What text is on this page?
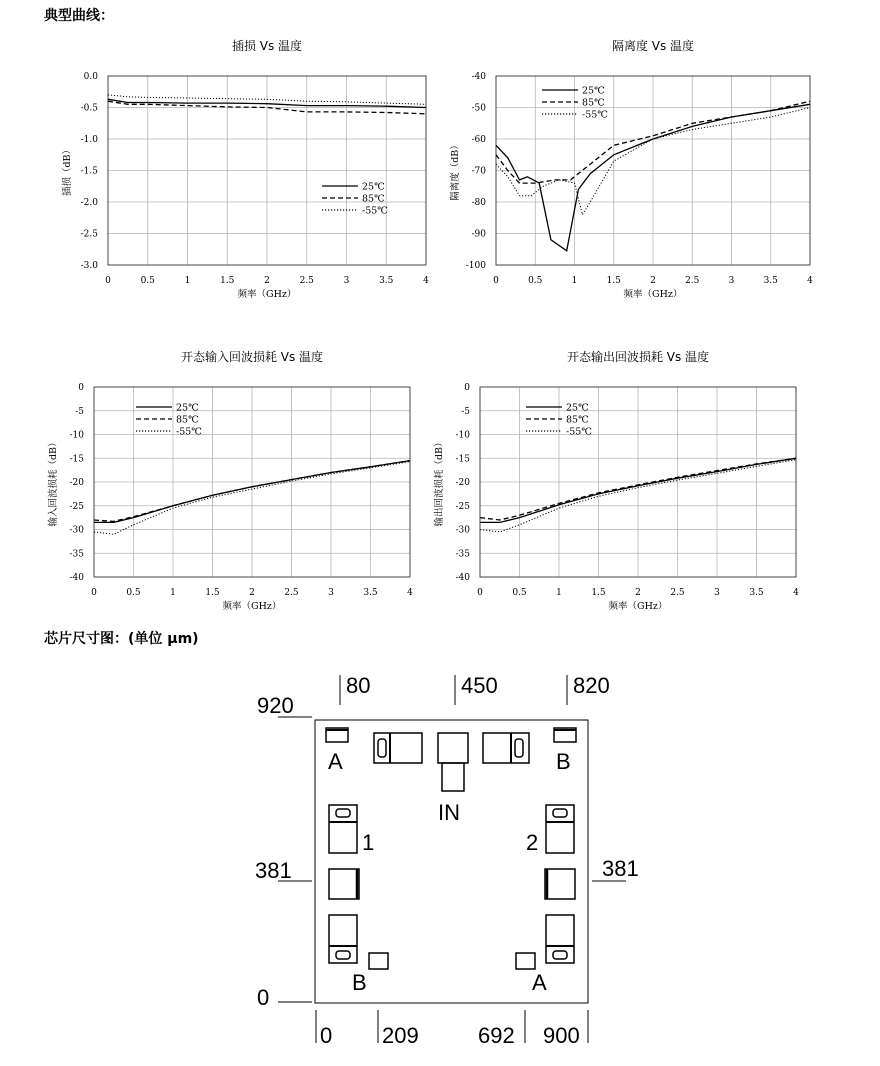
典型曲线：
插损 Vs 温度
0	0.5	1	1.5	2	2.5	3	3.5	4
0.0
-0.5
-1.0
-1.5
-2.0
-2.5
-3.0
频率（GHz）
插损（dB）	25℃
85℃
-55℃
隔离度 Vs 温度
0	0.5	1	1.5	2	2.5	3	3.5	4
-40
-50
-60
-70
-80
-90
-100
频率（GHz）
隔离度（dB）
25℃
85℃
-55℃
开态输入回波损耗 Vs 温度
0	0.5	1	1.5	2	2.5	3	3.5	4
0
-5
-10
-15
-20
-25
-30
-35
-40
频率（GHz）
输入回波损耗（dB）
25℃
85℃
-55℃
开态输出回波损耗 Vs 温度
0	0.5	1	1.5	2	2.5	3	3.5	4
0
-5
-10
-15
-20
-25
-30
-35
-40
频率（GHz）
输出回波损耗（dB）
25℃
85℃
-55℃
芯片尺寸图：(单位 μm)
80	450	820
0 209	692 900
920
381
0
381
A	B
IN
1	2
B	A
